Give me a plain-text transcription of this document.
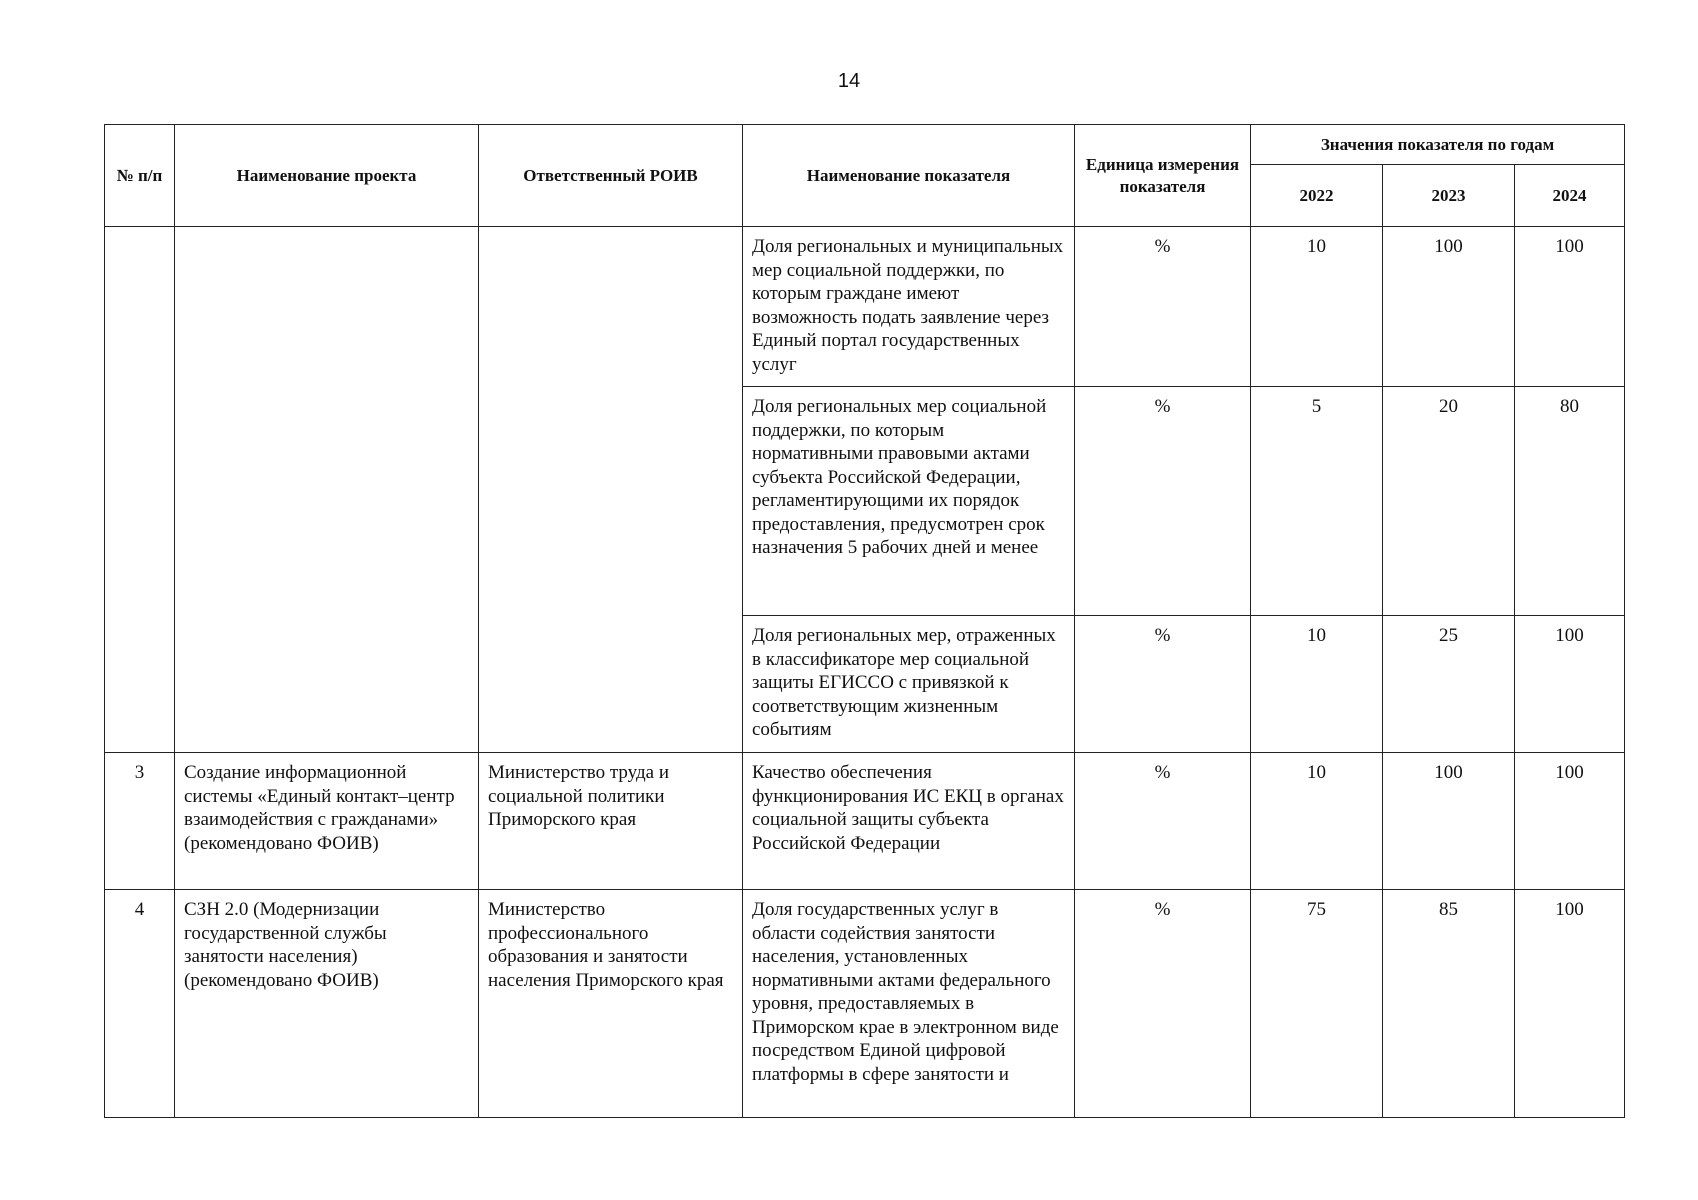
14
№ п/п	Наименование проекта	Ответственный РОИВ	Наименование показателя	Единица измерения показателя	Значения показателя по годам		
					2022	2023	2024
			Доля региональных и муниципальных мер социальной поддержки, по которым граждане имеют возможность подать заявление через Единый портал государственных услуг	%	10	100	100
			Доля региональных мер социальной поддержки, по которым нормативными правовыми актами субъекта Российской Федерации, регламентирующими их порядок предоставления, предусмотрен срок назначения 5 рабочих дней и менее	%	5	20	80
			Доля региональных мер, отраженных в классификаторе мер социальной защиты ЕГИССО с привязкой к соответствующим жизненным событиям	%	10	25	100
3	Создание информационной системы «Единый контакт–центр взаимодействия с гражданами» (рекомендовано ФОИВ)	Министерство труда и социальной политики Приморского края	Качество обеспечения функционирования ИС ЕКЦ в органах социальной защиты субъекта Российской Федерации	%	10	100	100
4	СЗН 2.0 (Модернизации государственной службы занятости населения) (рекомендовано ФОИВ)	Министерство профессионального образования и занятости населения Приморского края	Доля государственных услуг в области содействия занятости населения, установленных нормативными актами федерального уровня, предоставляемых в Приморском крае в электронном виде посредством Единой цифровой платформы в сфере занятости и	%	75	85	100
